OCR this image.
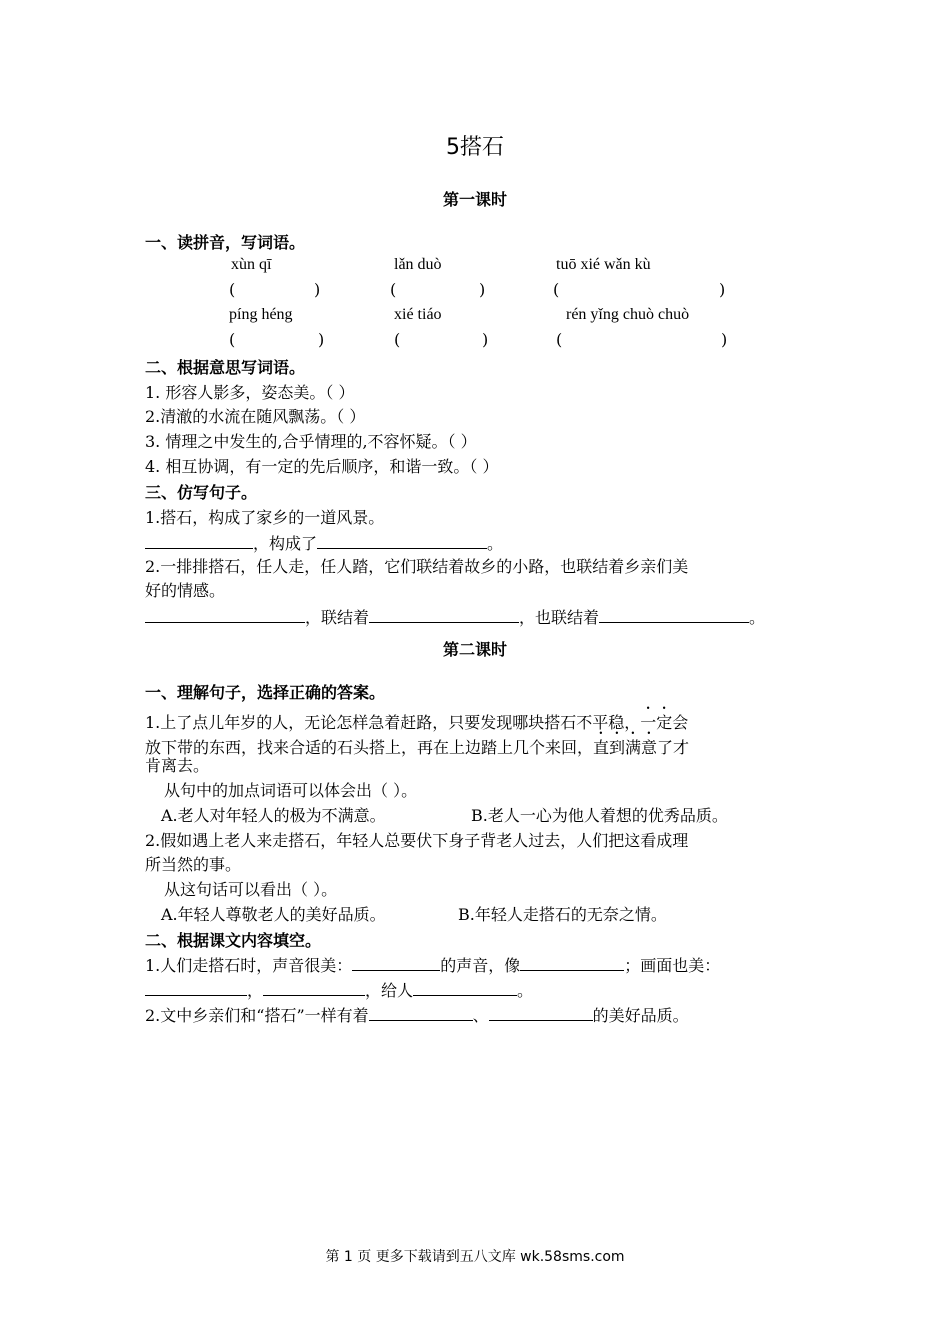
5搭石
第一课时
一、读拼音，写词语。
xùn qī	lǎn duò	tuō xié wǎn kù
(	)	(	)	(	)
píng héng	xié tiáo	rén yǐng chuò chuò
(	)	(	)	(	)
二、根据意思写词语。
1. 形容人影多，姿态美。（ ）
2.清澈的水流在随风飘荡。（ ）
3. 情理之中发生的,合乎情理的,不容怀疑。（ ）
4. 相互协调，有一定的先后顺序，和谐一致。（ ）
三、仿写句子。
1.搭石，构成了家乡的一道风景。
，构成了	。
2.一排排搭石，任人走，任人踏，它们联结着故乡的小路，也联结着乡亲们美
好的情感。
，联结着	，也联结着	。
第二课时
一、理解句子，选择正确的答案。
1.上了点儿年岁的人，无论怎样急着赶路，只要发现哪块搭石不平稳，一定会
放下带的东西，找来合适的石头搭上，再在上边踏上几个来回，直到满意了才
肯离去。
从句中的加点词语可以体会出（ ）。
A.老人对年轻人的极为不满意。	B.老人一心为他人着想的优秀品质。
2.假如遇上老人来走搭石，年轻人总要伏下身子背老人过去，人们把这看成理
所当然的事。
从这句话可以看出（ ）。
A.年轻人尊敬老人的美好品质。	B.年轻人走搭石的无奈之情。
二、根据课文内容填空。
1.人们走搭石时，声音很美：	的声音，像	；画面也美：
，	，给人	。
2.文中乡亲们和“搭石”一样有着	、	的美好品质。
第 1 页 更多下载请到五八文库 wk.58sms.com
